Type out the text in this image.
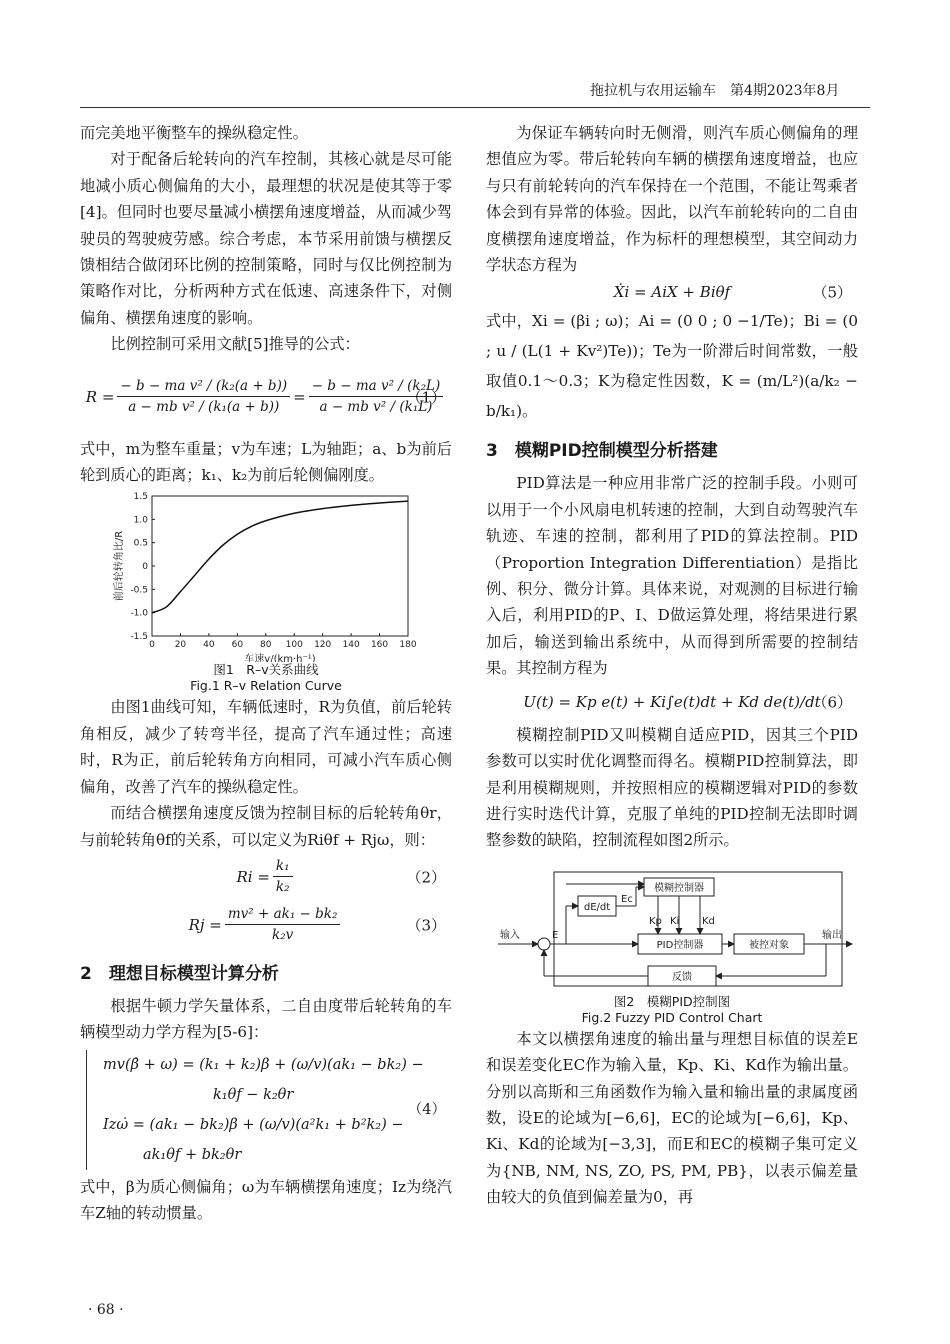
拖拉机与农用运输车　第4期2023年8月

而完美地平衡整车的操纵稳定性。

对于配备后轮转向的汽车控制，其核心就是尽可能地减小质心侧偏角的大小，最理想的状况是使其等于零[4]。但同时也要尽量减小横摆角速度增益，从而减少驾驶员的驾驶疲劳感。综合考虑，本节采用前馈与横摆反馈相结合做闭环比例的控制策略，同时与仅比例控制为策略作对比，分析两种方式在低速、高速条件下，对侧偏角、横摆角速度的影响。

比例控制可采用文献[5]推导的公式：

$R = \frac{\text{− b − ma v² / (k₂(a + b))}}{\text{a − mb v² / (k₁(a + b))}} = \frac{\text{− b − ma v² / (k₂L)}}{\text{a − mb v² / (k₁L)}}$
（1）

式中，m为整车重量；v为车速；L为轴距；a、b为前后轮到质心的距离；k₁、k₂为前后轮侧偏刚度。

0 20 40 60 80 100 120 140 160 180
1.5
1.0
0.5
0
-0.5
-1.0
-1.5
车速v/(km·h⁻¹)
前后轮转角比/R
图1　R–v关系曲线
Fig.1 R–v Relation Curve

由图1曲线可知，车辆低速时，R为负值，前后轮转角相反，减少了转弯半径，提高了汽车通过性；高速时，R为正，前后轮转角方向相同，可减小汽车质心侧偏角，改善了汽车的操纵稳定性。

而结合横摆角速度反馈为控制目标的后轮转角θr，与前轮转角θf的关系，可以定义为Riθf + Rjω，则：

$Ri = \frac{\text{k₁}}{\text{k₂}}$	（2）
$Rj = \frac{\text{mv² + ak₁ − bk₂}}{\text{k₂v}}$	（3）
2　理想目标模型计算分析

根据牛顿力学矢量体系，二自由度带后轮转角的车辆模型动力学方程为[5-6]：

mv(β̇ + ω) = (k₁ + k₂)β + (ω/v)(ak₁ − bk₂) −
k₁θf − k₂θr
Izω̇ = (ak₁ − bk₂)β + (ω/v)(a²k₁ + b²k₂) −
ak₁θf + bk₂θr
（4）

式中，β为质心侧偏角；ω为车辆横摆角速度；Iz为绕汽车Z轴的转动惯量。

为保证车辆转向时无侧滑，则汽车质心侧偏角的理想值应为零。带后轮转向车辆的横摆角速度增益，也应与只有前轮转向的汽车保持在一个范围，不能让驾乘者体会到有异常的体验。因此，以汽车前轮转向的二自由度横摆角速度增益，作为标杆的理想模型，其空间动力学状态方程为

Ẋi = AiX + Biθf	（5）

式中，Xi = (βi ; ω)；Ai = (0 0 ; 0 −1/Te)；Bi = (0 ; u / (L(1 + Kv²)Te))；Te为一阶滞后时间常数，一般取值0.1～0.3；K为稳定性因数，K = (m/L²)(a/k₂ − b/k₁)。

3　模糊PID控制模型分析搭建

PID算法是一种应用非常广泛的控制手段。小则可以用于一个小风扇电机转速的控制，大到自动驾驶汽车轨迹、车速的控制，都利用了PID的算法控制。PID（Proportion Integration Differentiation）是指比例、积分、微分计算。具体来说，对观测的目标进行输入后，利用PID的P、I、D做运算处理，将结果进行累加后，输送到输出系统中，从而得到所需要的控制结果。其控制方程为

U(t) = Kp e(t) + Ki∫e(t)dt + Kd de(t)/dt
（6）

模糊控制PID又叫模糊自适应PID，因其三个PID参数可以实时优化调整而得名。模糊PID控制算法，即是利用模糊规则，并按照相应的模糊逻辑对PID的参数进行实时迭代计算，克服了单纯的PID控制无法即时调整参数的缺陷，控制流程如图2所示。

模糊控制器
dE/dt
Ec
输入	E
Kp Ki Kd
PID控制器	被控对象
输出
反馈
图2　模糊PID控制图
Fig.2 Fuzzy PID Control Chart

本文以横摆角速度的输出量与理想目标值的误差E和误差变化EC作为输入量，Kp、Ki、Kd作为输出量。分别以高斯和三角函数作为输入量和输出量的隶属度函数，设E的论域为[−6,6]，EC的论域为[−6,6]，Kp、Ki、Kd的论域为[−3,3]，而E和EC的模糊子集可定义为{NB, NM, NS, ZO, PS, PM, PB}，以表示偏差量由较大的负值到偏差量为0，再

· 68 ·
